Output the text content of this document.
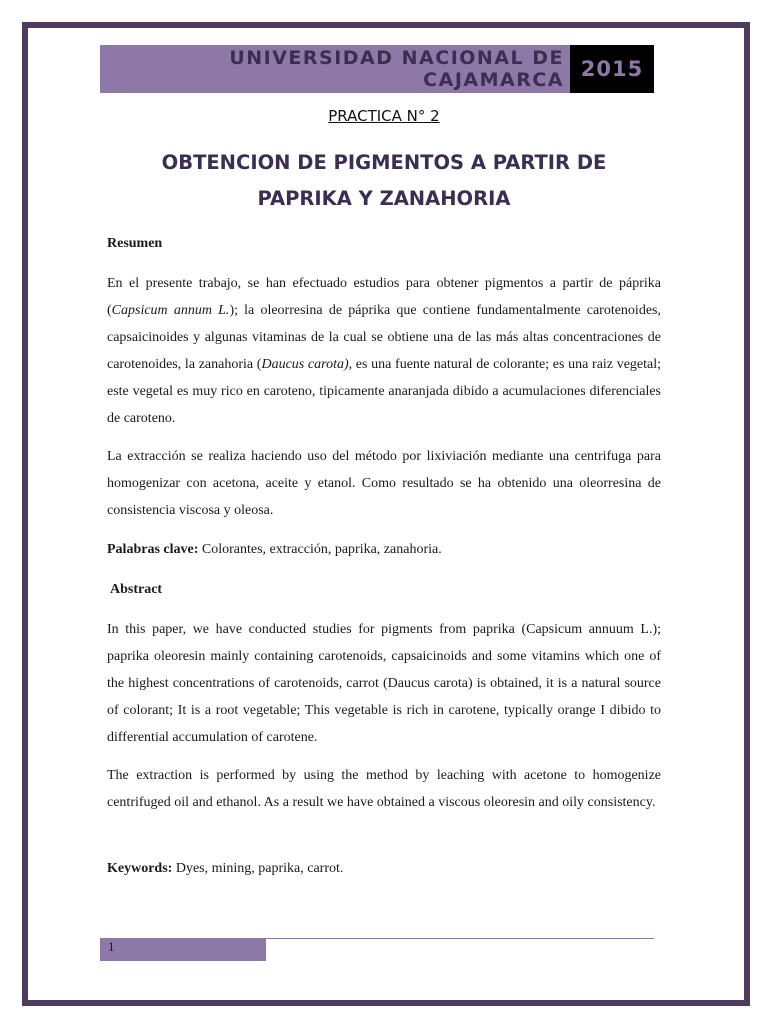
UNIVERSIDAD NACIONAL DE
CAJAMARCA 2015
PRACTICA N° 2
OBTENCION DE PIGMENTOS A PARTIR DE
PAPRIKA Y ZANAHORIA

Resumen

En el presente trabajo, se han efectuado estudios para obtener pigmentos a partir de páprika (Capsicum annum L.); la oleorresina de páprika que contiene fundamentalmente carotenoides, capsaicinoides y algunas vitaminas de la cual se obtiene una de las más altas concentraciones de carotenoides, la zanahoria (Daucus carota), es una fuente natural de colorante; es una raiz vegetal; este vegetal es muy rico en caroteno, tipicamente anaranjada dibido a acumulaciones diferenciales de caroteno.

La extracción se realiza haciendo uso del método por lixiviación mediante una centrifuga para homogenizar con acetona, aceite y etanol. Como resultado se ha obtenido una oleorresina de consistencia viscosa y oleosa.

Palabras clave: Colorantes, extracción, paprika, zanahoria.

Abstract

In this paper, we have conducted studies for pigments from paprika (Capsicum annuum L.); paprika oleoresin mainly containing carotenoids, capsaicinoids and some vitamins which one of the highest concentrations of carotenoids, carrot (Daucus carota) is obtained, it is a natural source of colorant; It is a root vegetable; This vegetable is rich in carotene, typically orange I dibido to differential accumulation of carotene.

The extraction is performed by using the method by leaching with acetone to homogenize centrifuged oil and ethanol. As a result we have obtained a viscous oleoresin and oily consistency.

Keywords: Dyes, mining, paprika, carrot.

1
